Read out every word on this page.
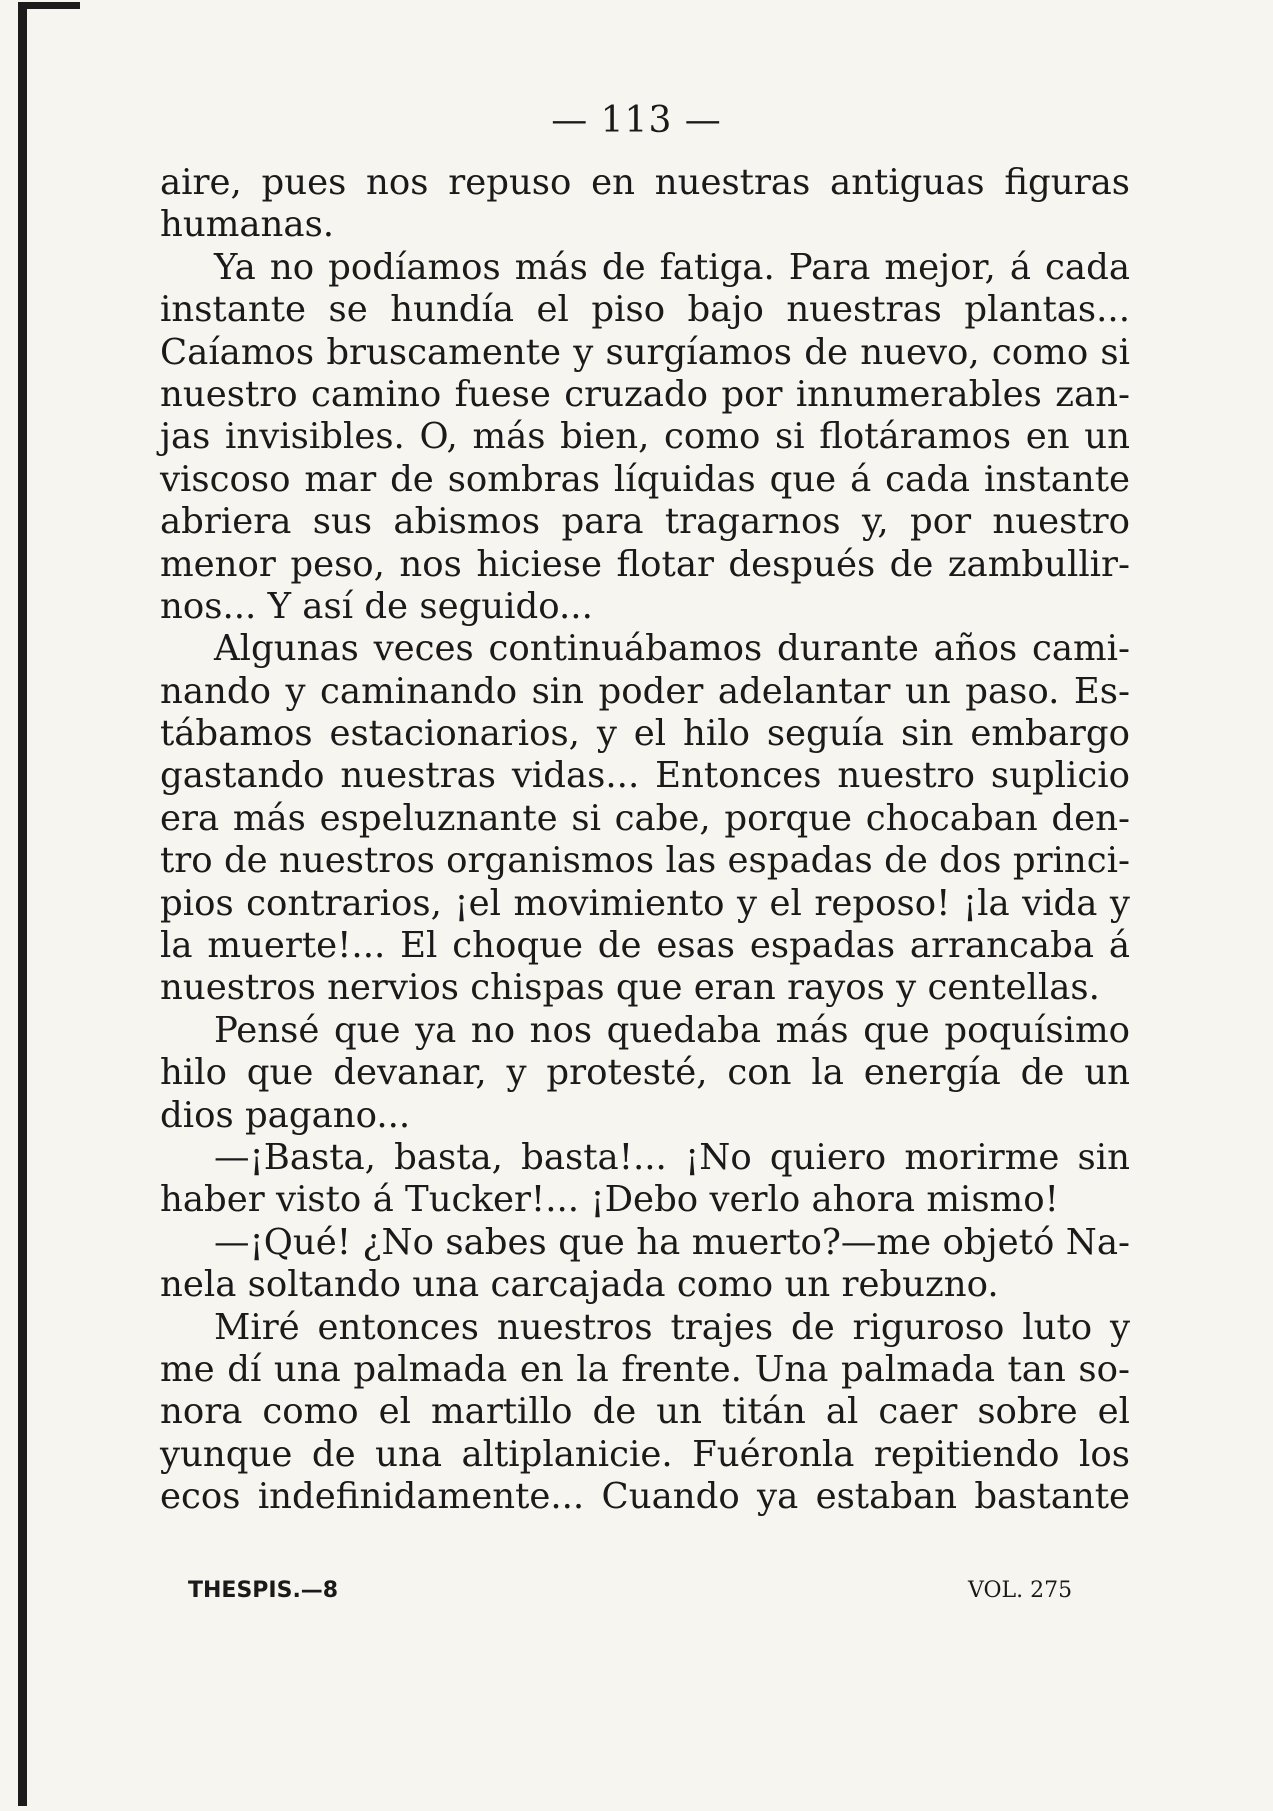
— 113 —
aire, pues nos repuso en nuestras antiguas figuras
humanas.
Ya no podíamos más de fatiga. Para mejor, á cada
instante se hundía el piso bajo nuestras plantas...
Caíamos bruscamente y surgíamos de nuevo, como si
nuestro camino fuese cruzado por innumerables zan-
jas invisibles. O, más bien, como si flotáramos en un
viscoso mar de sombras líquidas que á cada instante
abriera sus abismos para tragarnos y, por nuestro
menor peso, nos hiciese flotar después de zambullir-
nos... Y así de seguido...
Algunas veces continuábamos durante años cami-
nando y caminando sin poder adelantar un paso. Es-
tábamos estacionarios, y el hilo seguía sin embargo
gastando nuestras vidas... Entonces nuestro suplicio
era más espeluznante si cabe, porque chocaban den-
tro de nuestros organismos las espadas de dos princi-
pios contrarios, ¡el movimiento y el reposo! ¡la vida y
la muerte!... El choque de esas espadas arrancaba á
nuestros nervios chispas que eran rayos y centellas.
Pensé que ya no nos quedaba más que poquísimo
hilo que devanar, y protesté, con la energía de un
dios pagano...
—¡Basta, basta, basta!... ¡No quiero morirme sin
haber visto á Tucker!... ¡Debo verlo ahora mismo!
—¡Qué! ¿No sabes que ha muerto?—me objetó Na-
nela soltando una carcajada como un rebuzno.
Miré entonces nuestros trajes de riguroso luto y
me dí una palmada en la frente. Una palmada tan so-
nora como el martillo de un titán al caer sobre el
yunque de una altiplanicie. Fuéronla repitiendo los
ecos indefinidamente... Cuando ya estaban bastante
THESPIS.—8	VOL. 275
